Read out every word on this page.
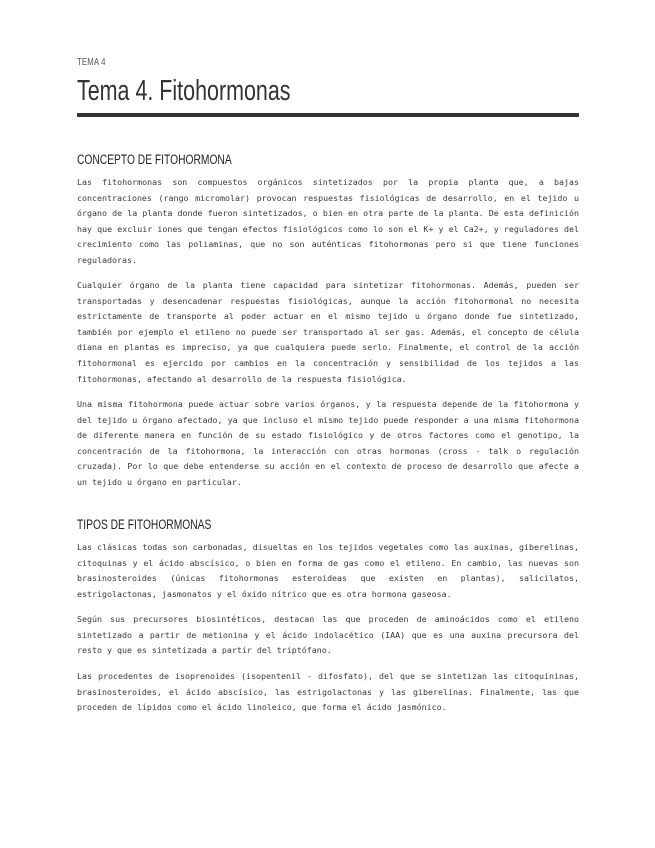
TEMA 4
Tema 4. Fitohormonas
CONCEPTO DE FITOHORMONA

Las fitohormonas son compuestos orgánicos sintetizados por la propia planta que, a bajas concentraciones (rango micromolar) provocan respuestas fisiológicas de desarrollo, en el tejido u órgano de la planta donde fueron sintetizados, o bien en otra parte de la planta. De esta definición hay que excluir iones que tengan efectos fisiológicos como lo son el K+ y el Ca2+, y reguladores del crecimiento como las poliaminas, que no son auténticas fitohormonas pero si que tiene funciones reguladoras.

Cualquier órgano de la planta tiene capacidad para sintetizar fitohormonas. Además, pueden ser transportadas y desencadenar respuestas fisiológicas, aunque la acción fitohormonal no necesita estrictamente de transporte al poder actuar en el mismo tejido u órgano donde fue sintetizado, también por ejemplo el etileno no puede ser transportado al ser gas. Además, el concepto de célula diana en plantas es impreciso, ya que cualquiera puede serlo. Finalmente, el control de la acción fitohormonal es ejercido por cambios en la concentración y sensibilidad de los tejidos a las fitohormonas, afectando al desarrollo de la respuesta fisiológica.

Una misma fitohormona puede actuar sobre varios órganos, y la respuesta depende de la fitohormona y del tejido u órgano afectado, ya que incluso el mismo tejido puede responder a una misma fitohormona de diferente manera en función de su estado fisiológico y de otros factores como el genotipo, la concentración de la fitohormona, la interacción con otras hormonas (cross - talk o regulación cruzada). Por lo que debe entenderse su acción en el contexto de proceso de desarrollo que afecte a un tejido u órgano en particular.

TIPOS DE FITOHORMONAS

Las clásicas todas son carbonadas, disueltas en los tejidos vegetales como las auxinas, giberelinas, citoquinas y el ácido abscísico, o bien en forma de gas como el etileno. En cambio, las nuevas son brasinosteroides (únicas fitohormonas esteroideas que existen en plantas), salicilatos, estrigolactonas, jasmonatos y el óxido nítrico que es otra hormona gaseosa.

Según sus precursores biosintéticos, destacan las que proceden de aminoácidos como el etileno sintetizado a partir de metionina y el ácido indolacético (IAA) que es una auxina precursora del resto y que es sintetizada a partir del triptófano.

Las procedentes de isoprenoides (isopentenil - difosfato), del que se sintetizan las citoquininas, brasinosteroides, el ácido abscísico, las estrigolactonas y las giberelinas. Finalmente, las que proceden de lípidos como el ácido linoleico, que forma el ácido jasmónico.
